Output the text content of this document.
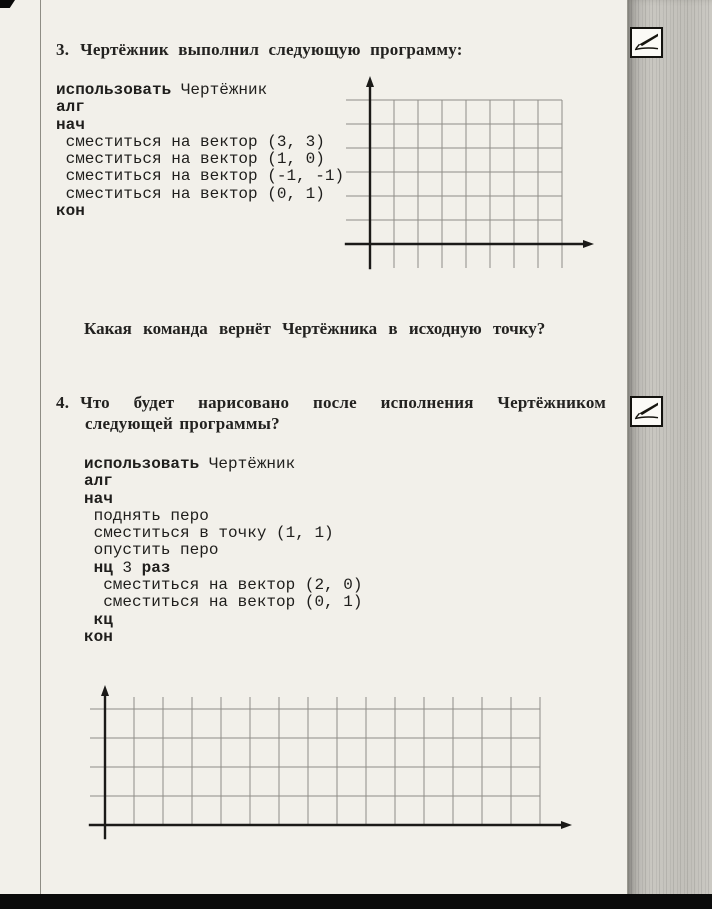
3. Чертёжник выполнил следующую программу:

использовать Чертёжник
алг
нач
сместиться на вектор (3, 3)
сместиться на вектор (1, 0)
сместиться на вектор (-1, -1)
сместиться на вектор (0, 1)
кон

Какая команда вернёт Чертёжника в исходную точку?

4. Что будет нарисовано после исполнения Чертёжником
следующей программы?
использовать Чертёжник
алг
нач
поднять перо
сместиться в точку (1, 1)
опустить перо
нц 3 раз
сместиться на вектор (2, 0)
сместиться на вектор (0, 1)
кц
кон
